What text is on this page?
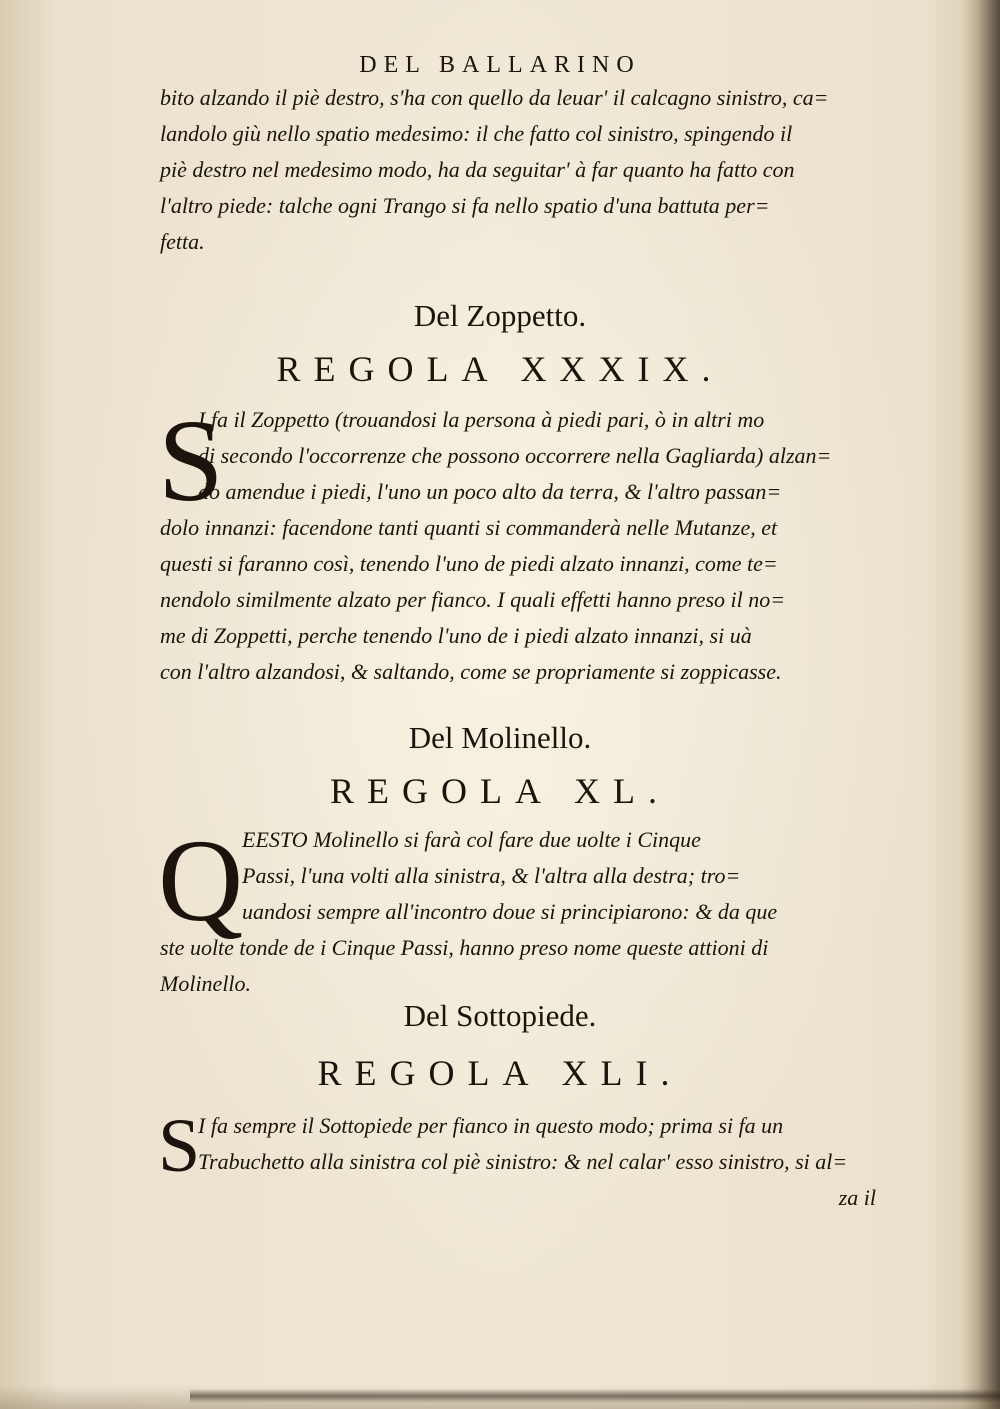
DEL BALLARINO
bito alzando il piè destro, s'ha con quello da leuar' il calcagno sinistro, ca=
landolo giù nello spatio medesimo: il che fatto col sinistro, spingendo il
piè destro nel medesimo modo, ha da seguitar' à far quanto ha fatto con
l'altro piede: talche ogni Trango si fa nello spatio d'una battuta per=
fetta.
Del Zoppetto.
REGOLA XXXIX.
S
I fa il Zoppetto (trouandosi la persona à piedi pari, ò in altri mo
di secondo l'occorrenze che possono occorrere nella Gagliarda) alzan=
do amendue i piedi, l'uno un poco alto da terra, & l'altro passan=
dolo innanzi: facendone tanti quanti si commanderà nelle Mutanze, et
questi si faranno così, tenendo l'uno de piedi alzato innanzi, come te=
nendolo similmente alzato per fianco. I quali effetti hanno preso il no=
me di Zoppetti, perche tenendo l'uno de i piedi alzato innanzi, si uà
con l'altro alzandosi, & saltando, come se propriamente si zoppicasse.
Del Molinello.
REGOLA XL.
Q
EESTO Molinello si farà col fare due uolte i Cinque
Passi, l'una volti alla sinistra, & l'altra alla destra; tro=
uandosi sempre all'incontro doue si principiarono: & da que
ste uolte tonde de i Cinque Passi, hanno preso nome queste attioni di
Molinello.
Del Sottopiede.
REGOLA XLI.
S
I fa sempre il Sottopiede per fianco in questo modo; prima si fa un
Trabuchetto alla sinistra col piè sinistro: & nel calar' esso sinistro, si al=
za il
